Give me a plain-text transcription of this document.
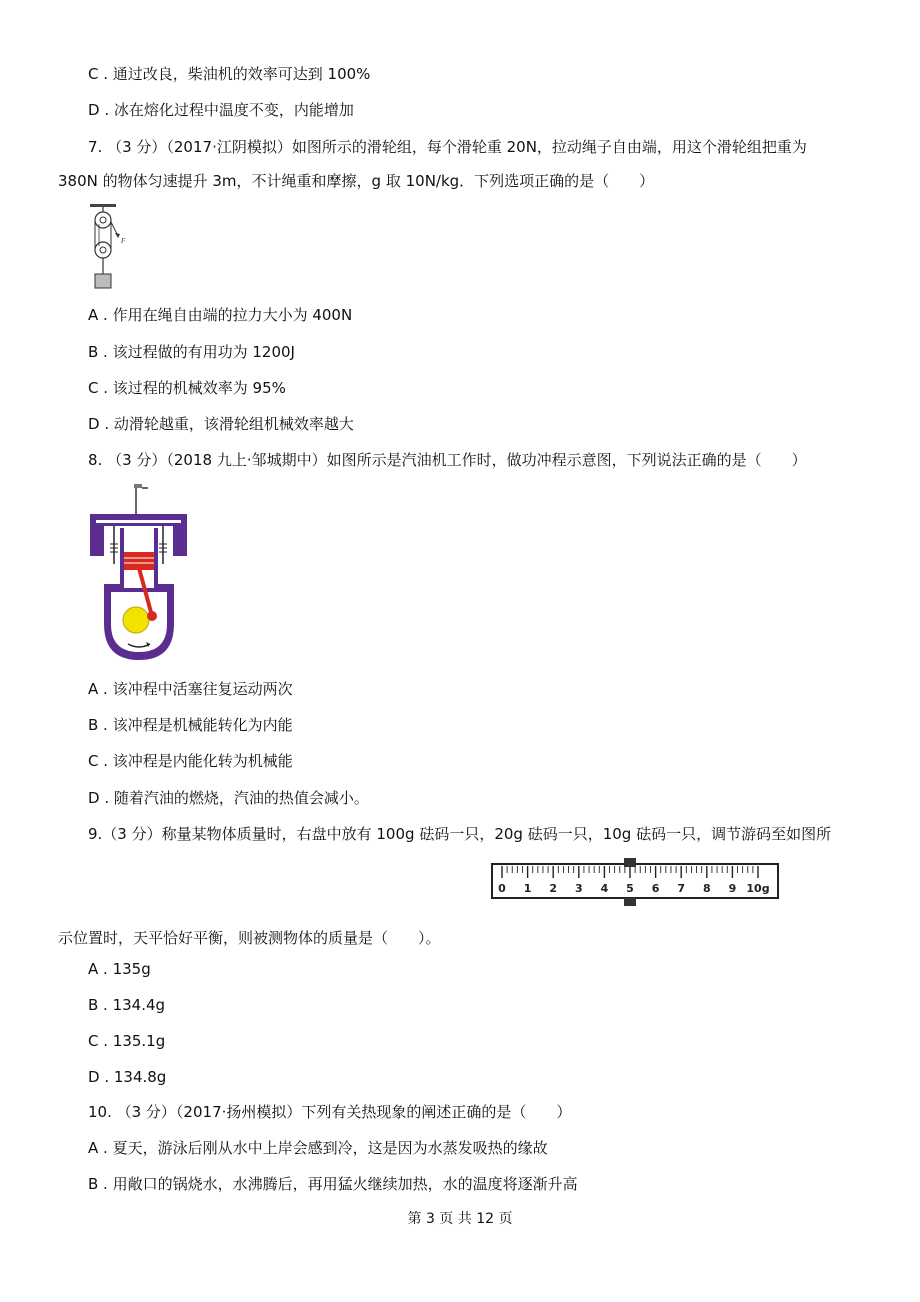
C . 通过改良，柴油机的效率可达到 100%
D . 冰在熔化过程中温度不变，内能增加
7. （3 分）（2017·江阴模拟）如图所示的滑轮组，每个滑轮重 20N，拉动绳子自由端，用这个滑轮组把重为
380N 的物体匀速提升 3m，不计绳重和摩擦，g 取 10N/kg．下列选项正确的是（　　）
F
A . 作用在绳自由端的拉力大小为 400N
B . 该过程做的有用功为 1200J
C . 该过程的机械效率为 95%
D . 动滑轮越重，该滑轮组机械效率越大
8. （3 分）（2018 九上·邹城期中）如图所示是汽油机工作时，做功冲程示意图，下列说法正确的是（　　）
A . 该冲程中活塞往复运动两次
B . 该冲程是机械能转化为内能
C . 该冲程是内能化转为机械能
D . 随着汽油的燃烧，汽油的热值会减小。
9.（3 分）称量某物体质量时，右盘中放有 100g 砝码一只，20g 砝码一只，10g 砝码一只，调节游码至如图所
0 1 2 3 4 5 6 7 8 9 10g
示位置时，天平恰好平衡，则被测物体的质量是（　　）。
A . 135g
B . 134.4g
C . 135.1g
D . 134.8g
10. （3 分）（2017·扬州模拟）下列有关热现象的阐述正确的是（　　）
A . 夏天，游泳后刚从水中上岸会感到冷，这是因为水蒸发吸热的缘故
B . 用敞口的锅烧水，水沸腾后，再用猛火继续加热，水的温度将逐渐升高
第 3 页 共 12 页
